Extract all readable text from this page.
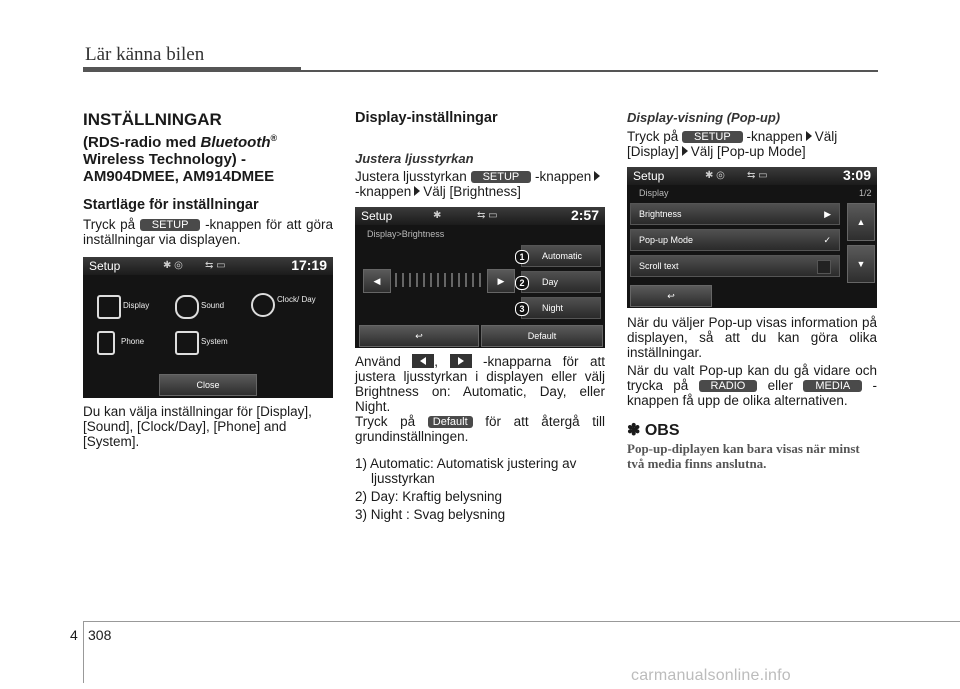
Lär känna bilen
INSTÄLLNINGAR
(RDS-radio med Bluetooth®
Wireless Technology) -
AM904DMEE, AM914DMEE
Startläge för inställningar

Tryck på SETUP -knappen för att göra inställningar via displayen.

Setup	✱ ◎ ⇆ ▭	17:19
Display	Sound
Clock/ Day
Phone	System
Close

Du kan välja inställningar för [Display], [Sound], [Clock/Day], [Phone] and [System].

Display-inställningar
Justera ljusstyrkan

Justera ljusstyrkan SETUP -knappen
-knappen Välj [Brightness]

Setup	✱	⇆ ▭	2:57
Display>Brightness
◀	▶
Automatic
Day
Night
1
2
3
↩	Default

Använd ,	-knapparna för att justera ljusstyrkan i displayen eller välj Brightness on: Automatic, Day, eller Night.

Tryck på Default för att återgå till grundinställningen.

1) Automatic: Automatisk justering av ljusstyrkan

2) Day: Kraftig belysning

3) Night : Svag belysning

Display-visning (Pop-up)

Tryck på SETUP -knappen Välj [Display] Välj [Pop-up Mode]

Setup	✱ ◎ ⇆ ▭	3:09
Display	1/2
Brightness	▶
Pop-up Mode	✓
Scroll text
▲
▼
↩

När du väljer Pop-up visas information på displayen, så att du kan göra olika inställningar.

När du valt Pop-up kan du gå vidare och trycka på RADIO eller MEDIA -knappen få upp de olika alternativen.

✽ OBS

Pop-up-diplayen kan bara visas när minst två media finns anslutna.

4 308
carmanualsonline.info
